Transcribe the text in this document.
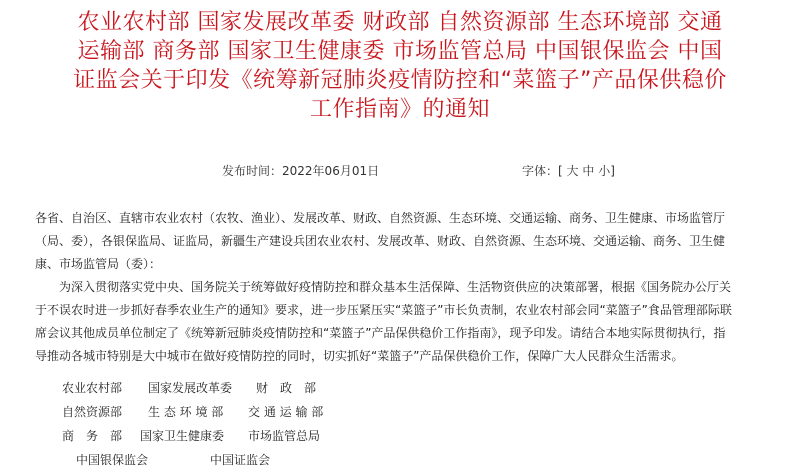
农业农村部 国家发展改革委 财政部 自然资源部 生态环境部 交通
运输部 商务部 国家卫生健康委 市场监管总局 中国银保监会 中国
证监会关于印发《统筹新冠肺炎疫情防控和“菜篮子”产品保供稳价
工作指南》的通知
发布时间：2022年06月01日	字体：[ 大 中 小]

各省、自治区、直辖市农业农村（农牧、渔业）、发展改革、财政、自然资源、生态环境、交通运输、商务、卫生健康、市场监管厅

（局、委），各银保监局、证监局，新疆生产建设兵团农业农村、发展改革、财政、自然资源、生态环境、交通运输、商务、卫生健

康、市场监管局（委）：

为深入贯彻落实党中央、国务院关于统筹做好疫情防控和群众基本生活保障、生活物资供应的决策部署，根据《国务院办公厅关

于不误农时进一步抓好春季农业生产的通知》要求，进一步压紧压实“菜篮子”市长负责制，农业农村部会同“菜篮子”食品管理部际联

席会议其他成员单位制定了《统筹新冠肺炎疫情防控和“菜篮子”产品保供稳价工作指南》，现予印发。请结合本地实际贯彻执行，指

导推动各城市特别是大中城市在做好疫情防控的同时，切实抓好“菜篮子”产品保供稳价工作，保障广大人民群众生活需求。

农业农村部 国家发展改革委 财　政　部
自然资源部 生 态 环 境 部 交 通 运 输 部
商　务　部 国家卫生健康委 市场监管总局
中国银保监会	中国证监会
